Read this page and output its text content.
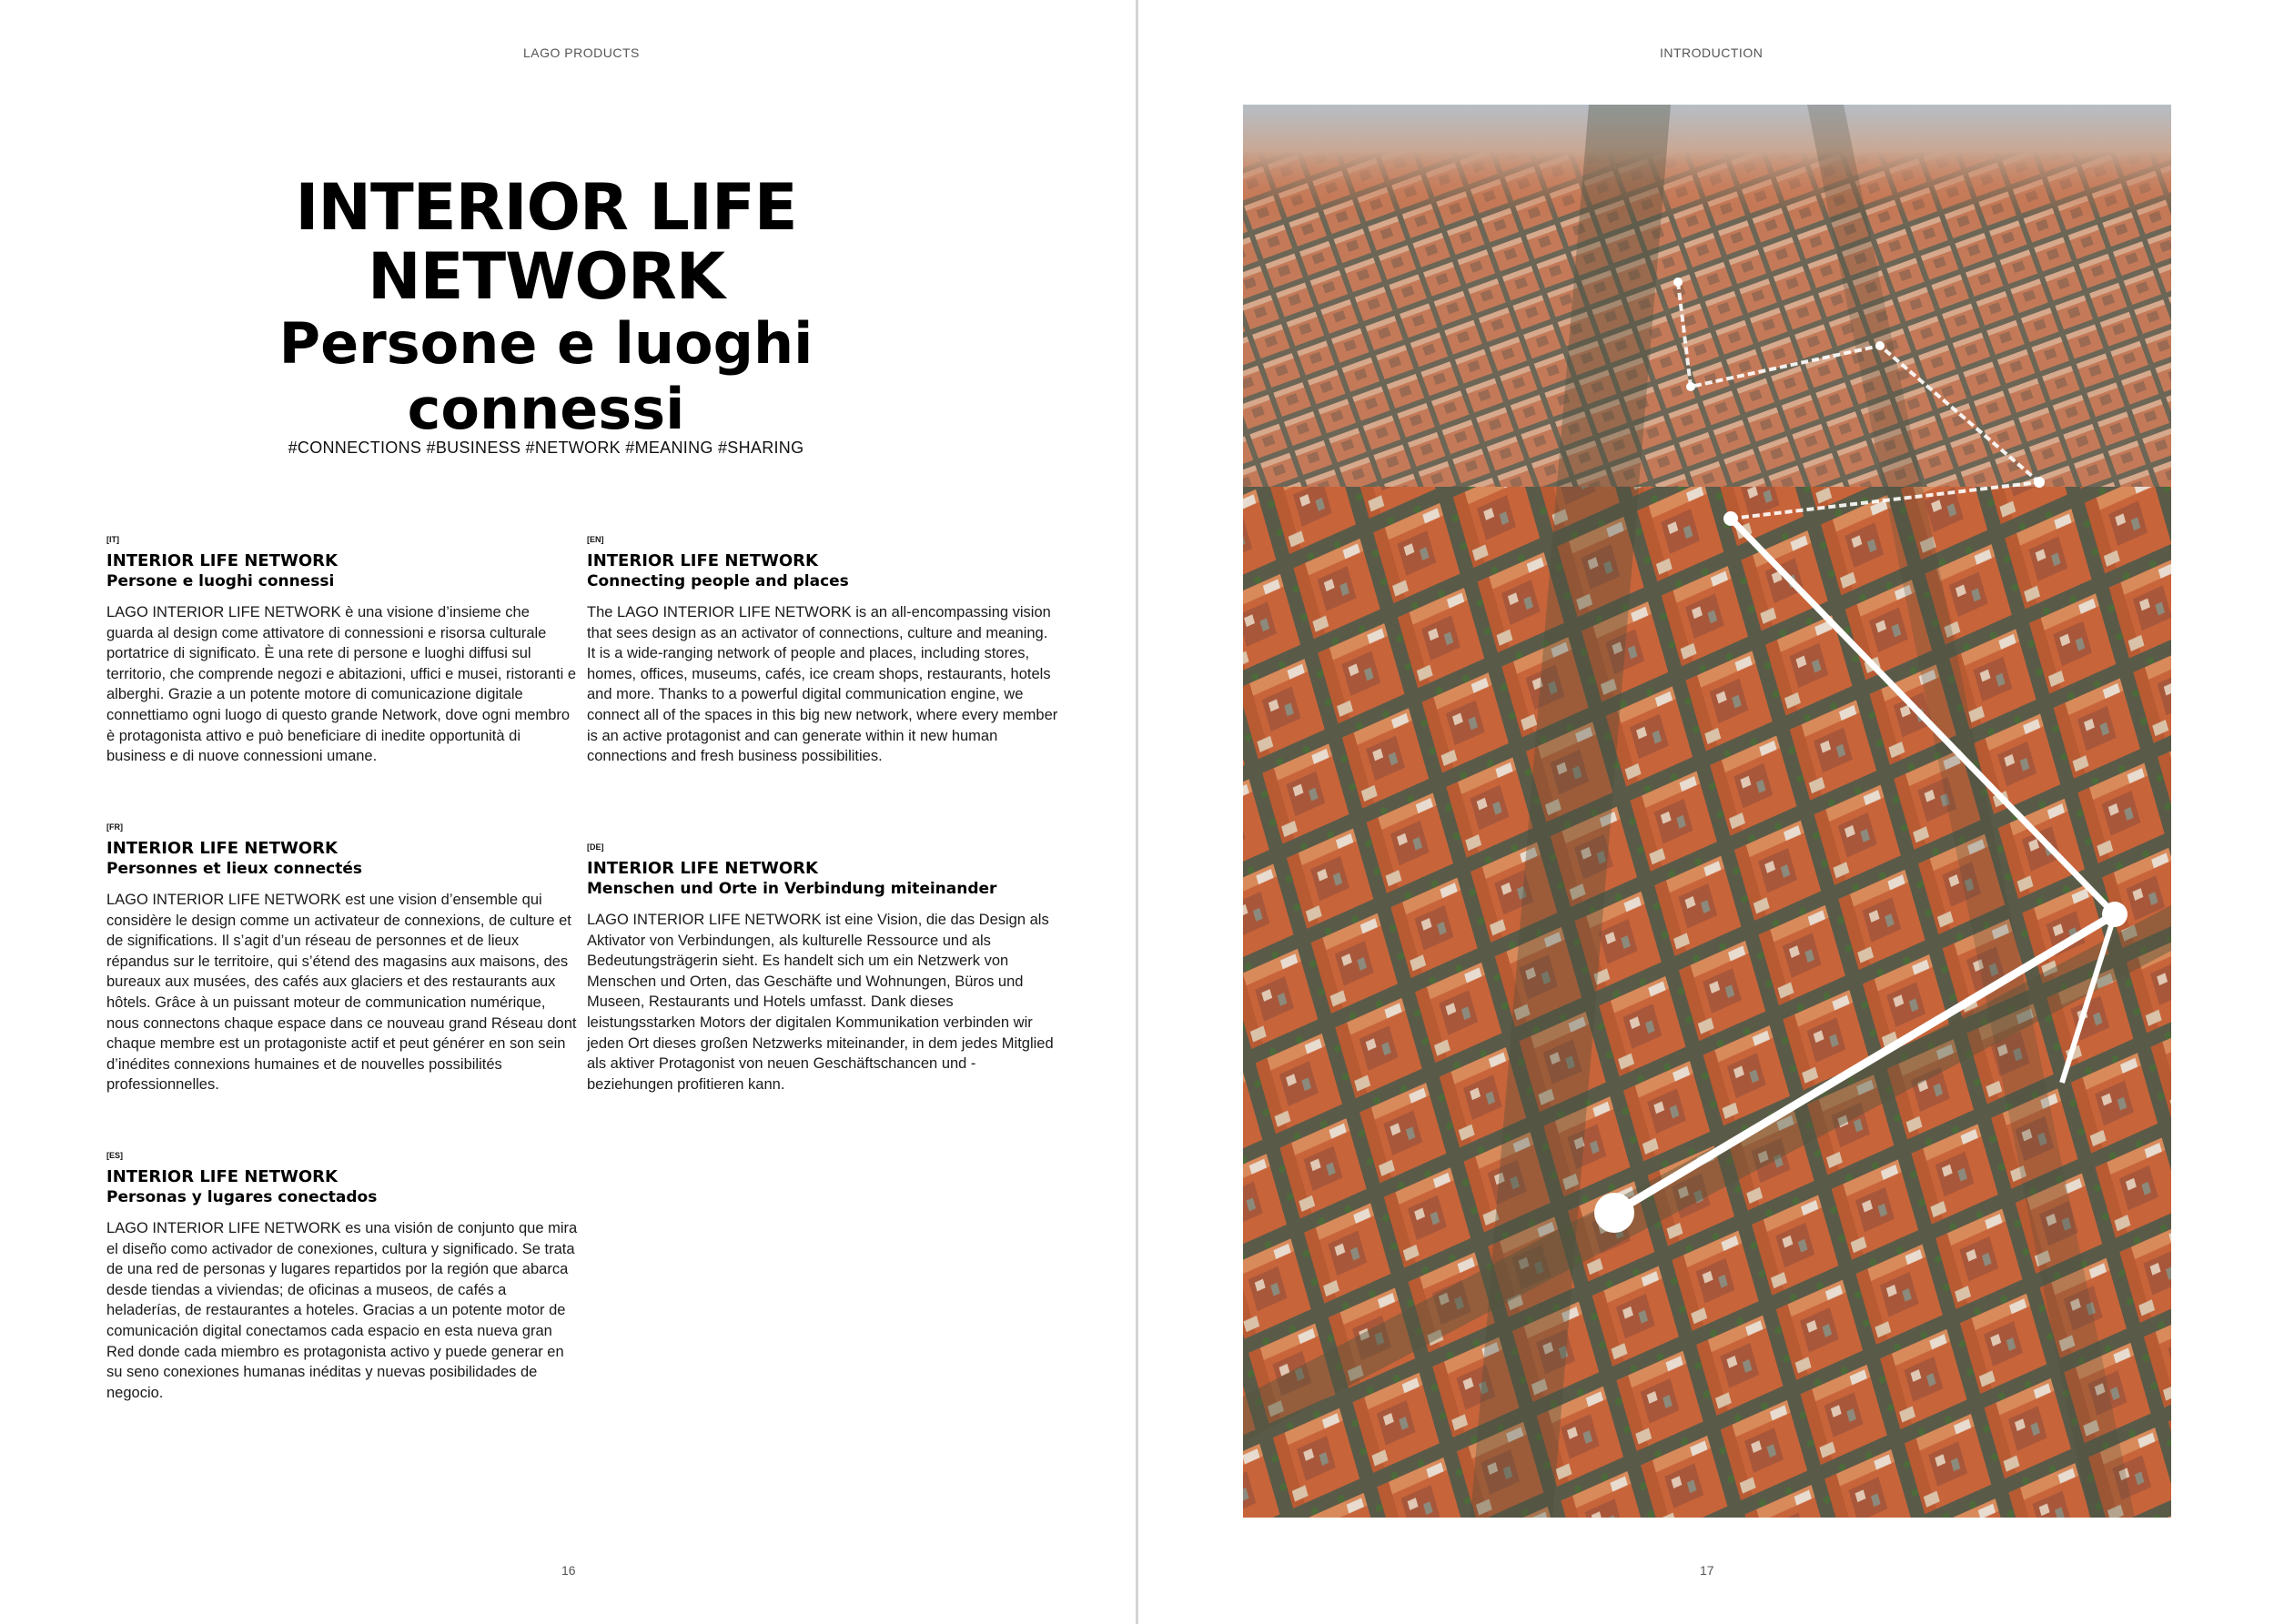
LAGO PRODUCTS
INTERIOR LIFE NETWORK
Persone e luoghi
connessi
#CONNECTIONS #BUSINESS #NETWORK #MEANING #SHARING
[IT]
INTERIOR LIFE NETWORK
Persone e luoghi connessi
LAGO INTERIOR LIFE NETWORK è una visione d’insieme che guarda al design come attivatore di connessioni e risorsa culturale portatrice di significato. È una rete di persone e luoghi diffusi sul territorio, che comprende negozi e abitazioni, uffici e musei, ristoranti e alberghi. Grazie a un potente motore di comunicazione digitale connettiamo ogni luogo di questo grande Network, dove ogni membro è protagonista attivo e può beneficiare di inedite opportunità di business e di nuove connessioni umane.
[FR]
INTERIOR LIFE NETWORK
Personnes et lieux connectés
LAGO INTERIOR LIFE NETWORK est une vision d’ensemble qui considère le design comme un activateur de connexions, de culture et de significations. Il s’agit d’un réseau de personnes et de lieux répandus sur le territoire, qui s’étend des magasins aux maisons, des bureaux aux musées, des cafés aux glaciers et des restaurants aux hôtels. Grâce à un puissant moteur de communication numérique, nous connectons chaque espace dans ce nouveau grand Réseau dont chaque membre est un protagoniste actif et peut générer en son sein d’inédites connexions humaines et de nouvelles possibilités professionnelles.
[ES]
INTERIOR LIFE NETWORK
Personas y lugares conectados
LAGO INTERIOR LIFE NETWORK es una visión de conjunto que mira el diseño como activador de conexiones, cultura y significado. Se trata de una red de personas y lugares repartidos por la región que abarca desde tiendas a viviendas; de oficinas a museos, de cafés a heladerías, de restaurantes a hoteles. Gracias a un potente motor de comunicación digital conectamos cada espacio en esta nueva gran Red donde cada miembro es protagonista activo y puede generar en su seno conexiones humanas inéditas y nuevas posibilidades de negocio.
[EN]
INTERIOR LIFE NETWORK
Connecting people and places
The LAGO INTERIOR LIFE NETWORK is an all-encompassing vision that sees design as an activator of connections, culture and meaning. It is a wide-ranging network of people and places, including stores, homes, offices, museums, cafés, ice cream shops, restaurants, hotels and more. Thanks to a powerful digital communication engine, we connect all of the spaces in this big new network, where every member is an active protagonist and can generate within it new human connections and fresh business possibilities.
[DE]
INTERIOR LIFE NETWORK
Menschen und Orte in Verbindung miteinander
LAGO INTERIOR LIFE NETWORK ist eine Vision, die das Design als Aktivator von Verbindungen, als kulturelle Ressource und als Bedeutungsträgerin sieht. Es handelt sich um ein Netzwerk von Menschen und Orten, das Geschäfte und Wohnungen, Büros und Museen, Restaurants und Hotels umfasst. Dank dieses leistungsstarken Motors der digitalen Kommunikation verbinden wir jeden Ort dieses großen Netzwerks miteinander, in dem jedes Mitglied als aktiver Protagonist von neuen Geschäftschancen und -beziehungen profitieren kann.
16
INTRODUCTION
17
